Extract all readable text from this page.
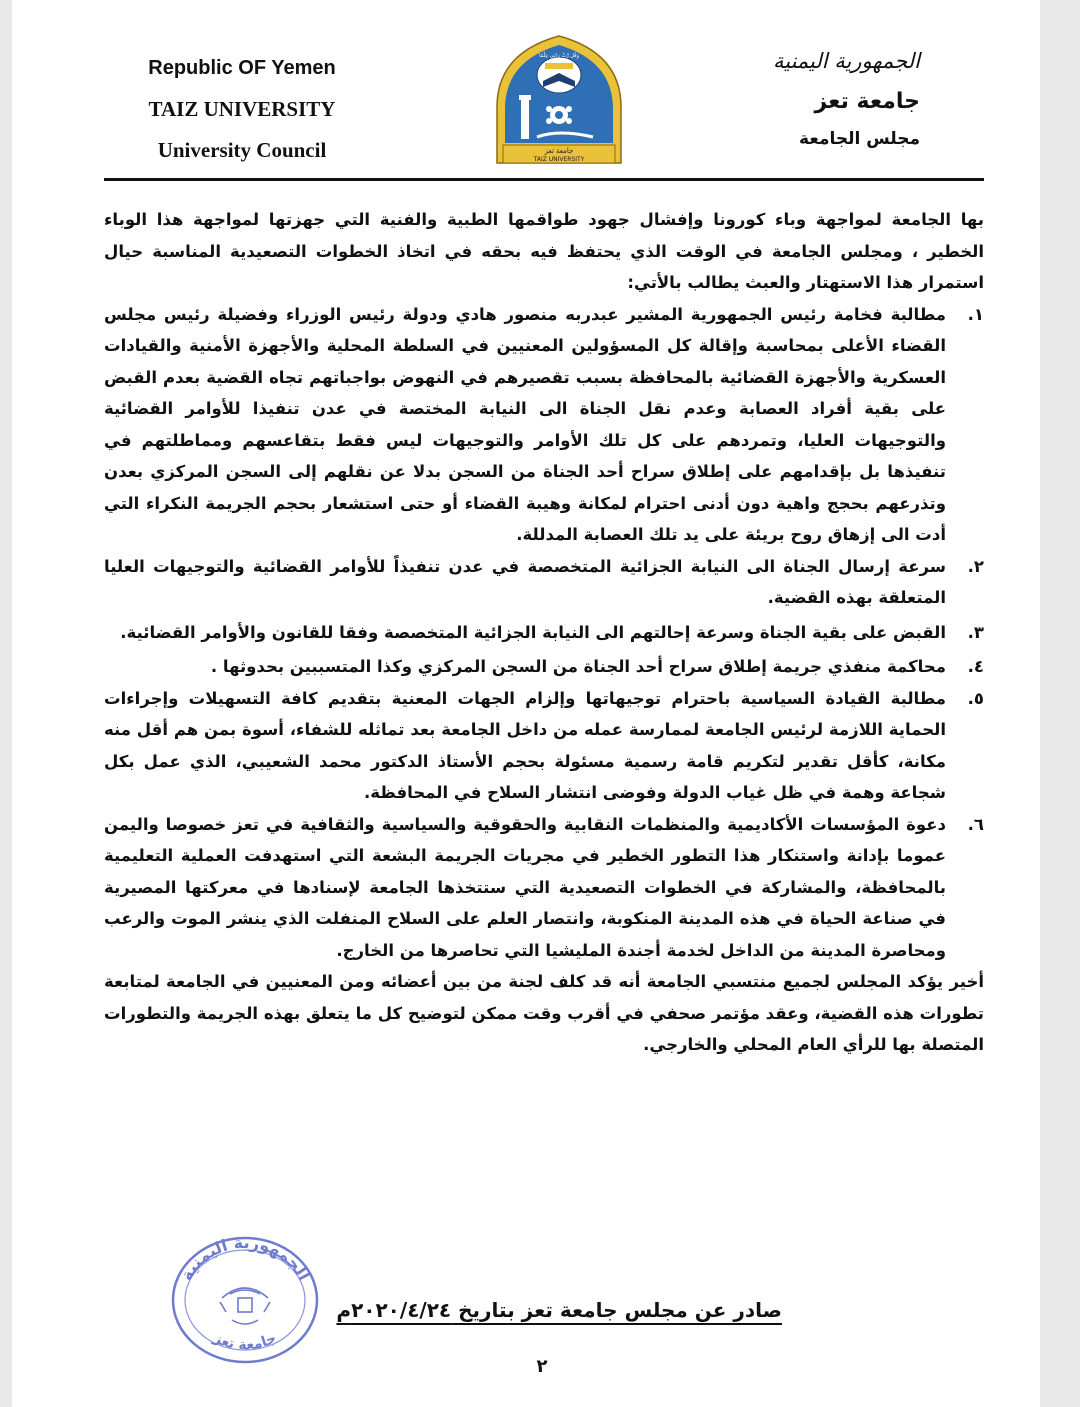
Republic OF Yemen
TAIZ UNIVERSITY
University Council	جامعة تعز
TAIZ UNIVERSITY
وَقُل رَّبِّ زِدْنِي عِلْمًا	الجمهورية اليمنية
جامعة تعز
مجلس الجامعة

بها الجامعة لمواجهة وباء كورونا وإفشال جهود طواقمها الطبية والفنية التي جهزتها لمواجهة هذا الوباء الخطير ، ومجلس الجامعة في الوقت الذي يحتفظ فيه بحقه في اتخاذ الخطوات التصعيدية المناسبة حيال استمرار هذا الاستهتار والعبث يطالب بالأتي:

١.
مطالبة فخامة رئيس الجمهورية المشير عبدربه منصور هادي ودولة رئيس الوزراء وفضيلة رئيس مجلس القضاء الأعلى بمحاسبة وإقالة كل المسؤولين المعنيين في السلطة المحلية والأجهزة الأمنية والقيادات العسكرية والأجهزة القضائية بالمحافظة بسبب تقصيرهم في النهوض بواجباتهم تجاه القضية بعدم القبض على بقية أفراد العصابة وعدم نقل الجناة الى النيابة المختصة في عدن تنفيذا للأوامر القضائية والتوجيهات العليا، وتمردهم على كل تلك الأوامر والتوجيهات ليس فقط بتقاعسهم ومماطلتهم في تنفيذها بل بإقدامهم على إطلاق سراح أحد الجناة من السجن بدلا عن نقلهم إلى السجن المركزي بعدن وتذرعهم بحجج واهية دون أدنى احترام لمكانة وهيبة القضاء أو حتى استشعار بحجم الجريمة النكراء التي أدت الى إزهاق روح بريئة على يد تلك العصابة المدللة.
٢.
سرعة إرسال الجناة الى النيابة الجزائية المتخصصة في عدن تنفيذاً للأوامر القضائية والتوجيهات العليا المتعلقة بهذه القضية.
٣.
القبض على بقية الجناة وسرعة إحالتهم الى النيابة الجزائية المتخصصة وفقا للقانون والأوامر القضائية.
٤.
محاكمة منفذي جريمة إطلاق سراح أحد الجناة من السجن المركزي وكذا المتسببين بحدوثها .
٥.
مطالبة القيادة السياسية باحترام توجيهاتها وإلزام الجهات المعنية بتقديم كافة التسهيلات وإجراءات الحماية اللازمة لرئيس الجامعة لممارسة عمله من داخل الجامعة بعد تماثله للشفاء، أسوة بمن هم أقل منه مكانة، كأقل تقدير لتكريم قامة رسمية مسئولة بحجم الأستاذ الدكتور محمد الشعيبي، الذي عمل بكل شجاعة وهمة في ظل غياب الدولة وفوضى انتشار السلاح في المحافظة.
٦.
دعوة المؤسسات الأكاديمية والمنظمات النقابية والحقوقية والسياسية والثقافية في تعز خصوصا واليمن عموما بإدانة واستنكار هذا التطور الخطير في مجريات الجريمة البشعة التي استهدفت العملية التعليمية بالمحافظة، والمشاركة في الخطوات التصعيدية التي ستتخذها الجامعة لإسنادها في معركتها المصيرية في صناعة الحياة في هذه المدينة المنكوبة، وانتصار العلم على السلاح المنفلت الذي ينشر الموت والرعب ومحاصرة المدينة من الداخل لخدمة أجندة المليشيا التي تحاصرها من الخارج.

أخير يؤكد المجلس لجميع منتسبي الجامعة أنه قد كلف لجنة من بين أعضائه ومن المعنيين في الجامعة لمتابعة تطورات هذه القضية، وعقد مؤتمر صحفي في أقرب وقت ممكن لتوضيح كل ما يتعلق بهذه الجريمة والتطورات المتصلة بها للرأي العام المحلي والخارجي.

الجمهورية اليمنية
جامعة تعز
صادر عن مجلس جامعة تعز بتاريخ ٢٠٢٠/٤/٢٤م
٢
